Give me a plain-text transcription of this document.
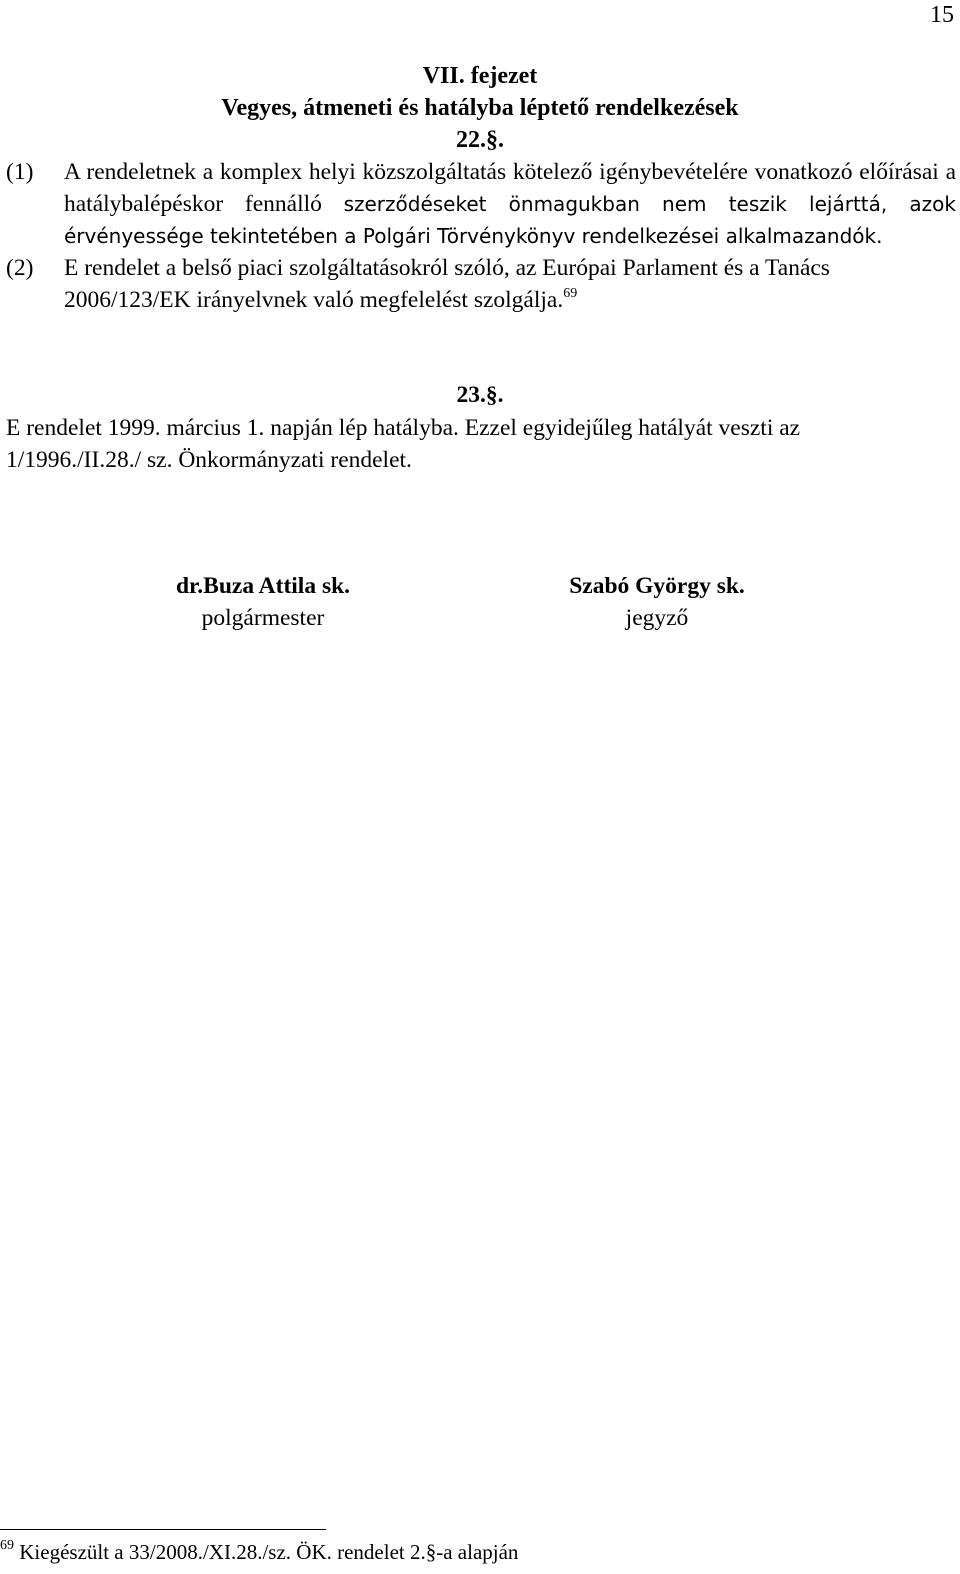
15
VII. fejezet
Vegyes, átmeneti és hatályba léptető rendelkezések
22.§.
(1)	A rendeletnek a komplex helyi közszolgáltatás kötelező igénybevételére vonatkozó előírásai a hatálybalépéskor fennálló szerződéseket önmagukban nem teszik lejárttá, azok érvényessége tekintetében a Polgári Törvénykönyv rendelkezései alkalmazandók.
(2)	E rendelet a belső piaci szolgáltatásokról szóló, az Európai Parlament és a Tanács 2006/123/EK irányelvnek való megfelelést szolgálja.$^{69}$
23.§.
E rendelet 1999. március 1. napján lép hatályba. Ezzel egyidejűleg hatályát veszti az 1/1996./II.28./ sz. Önkormányzati rendelet.
dr.Buza Attila sk.
polgármester
Szabó György sk.
jegyző
$^{69}$ Kiegészült a 33/2008./XI.28./sz. ÖK. rendelet 2.§-a alapján
